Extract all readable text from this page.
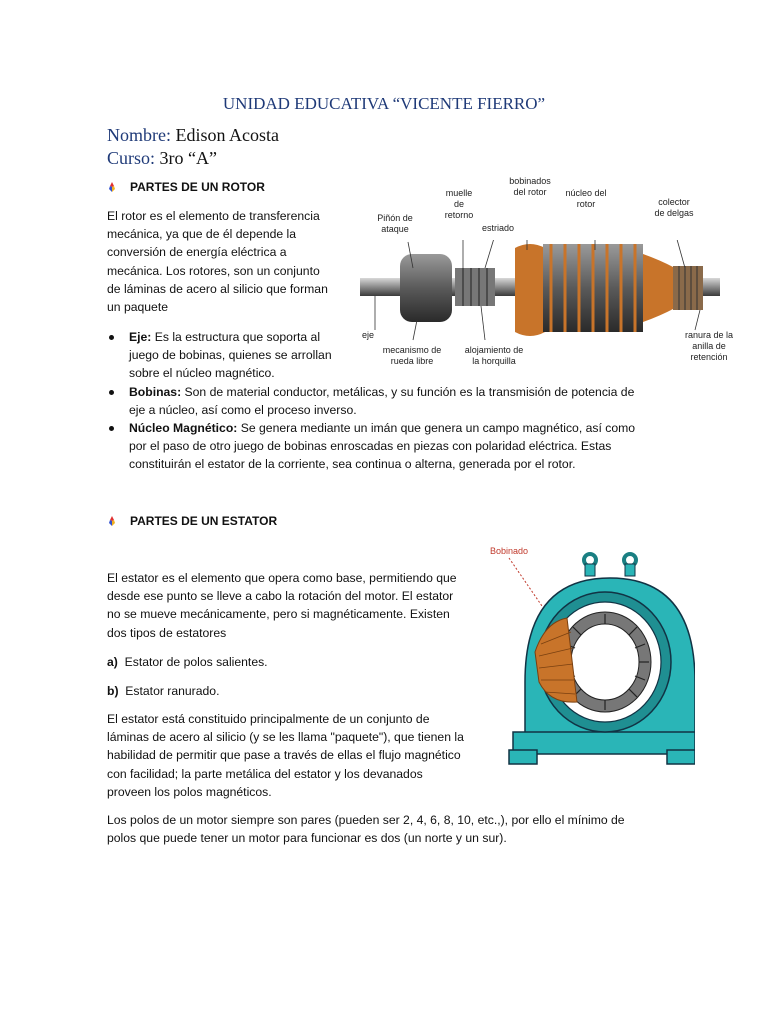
UNIDAD EDUCATIVA “VICENTE FIERRO”
Nombre: Edison Acosta
Curso: 3ro “A”
PARTES DE UN ROTOR
El rotor es el elemento de transferencia
mecánica, ya que de él depende la
conversión de energía eléctrica a
mecánica. Los rotores, son un conjunto
de láminas de acero al silicio que forman
un paquete
Eje: Es la estructura que soporta al
juego de bobinas, quienes se arrollan
sobre el núcleo magnético.
Bobinas: Son de material conductor, metálicas, y su función es la transmisión de potencia de
eje a núcleo, así como el proceso inverso.
Núcleo Magnético: Se genera mediante un imán que genera un campo magnético, así como
por el paso de otro juego de bobinas enroscadas en piezas con polaridad eléctrica. Estas
constituirán el estator de la corriente, sea continua o alterna, generada por el rotor.
bobinados
del rotor
muelle
de
retorno
núcleo del
rotor	colector
de delgas
Piñón de
ataque	estriado
eje
mecanismo de
rueda libre
alojamiento de
la horquilla
ranura de la
anilla de
retención
PARTES DE UN ESTATOR
El estator es el elemento que opera como base, permitiendo que
desde ese punto se lleve a cabo la rotación del motor. El estator
no se mueve mecánicamente, pero si magnéticamente. Existen
dos tipos de estatores
a) Estator de polos salientes.
b) Estator ranurado.
El estator está constituido principalmente de un conjunto de
láminas de acero al silicio (y se les llama "paquete"), que tienen la
habilidad de permitir que pase a través de ellas el flujo magnético
con facilidad; la parte metálica del estator y los devanados
proveen los polos magnéticos.
Los polos de un motor siempre son pares (pueden ser 2, 4, 6, 8, 10, etc.,), por ello el mínimo de
polos que puede tener un motor para funcionar es dos (un norte y un sur).
Bobinado
